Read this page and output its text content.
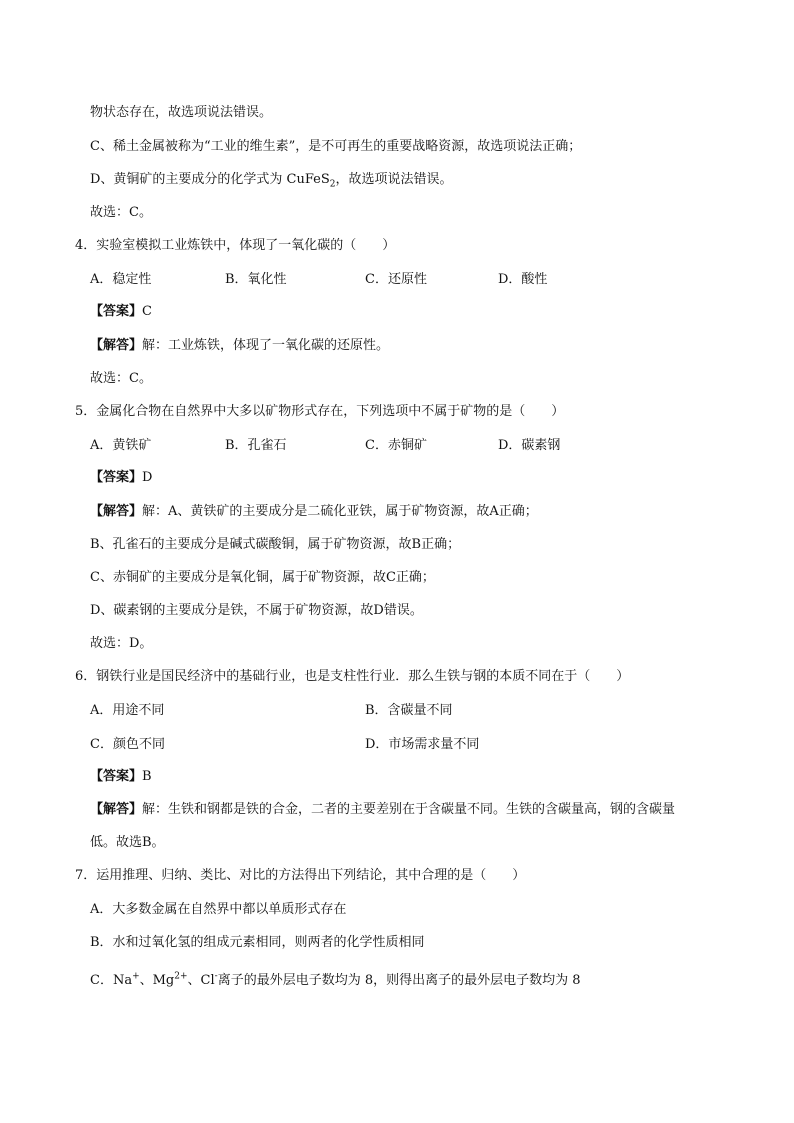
物状态存在，故选项说法错误。
C、稀土金属被称为“工业的维生素”，是不可再生的重要战略资源，故选项说法正确；
D、黄铜矿的主要成分的化学式为 CuFeS$_2$，故选项说法错误。
故选：C。
4．实验室模拟工业炼铁中，体现了一氧化碳的（　　）
A．稳定性	B．氧化性	C．还原性	D．酸性
【答案】C
【解答】解：工业炼铁，体现了一氧化碳的还原性。
故选：C。
5．金属化合物在自然界中大多以矿物形式存在，下列选项中不属于矿物的是（　　）
A．黄铁矿	B．孔雀石	C．赤铜矿	D．碳素钢
【答案】D
【解答】解：A、黄铁矿的主要成分是二硫化亚铁，属于矿物资源，故A正确；
B、孔雀石的主要成分是碱式碳酸铜，属于矿物资源，故B正确；
C、赤铜矿的主要成分是氧化铜，属于矿物资源，故C正确；
D、碳素钢的主要成分是铁，不属于矿物资源，故D错误。
故选：D。
6．钢铁行业是国民经济中的基础行业，也是支柱性行业．那么生铁与钢的本质不同在于（　　）
A．用途不同	B．含碳量不同
C．颜色不同	D．市场需求量不同
【答案】B
【解答】解：生铁和钢都是铁的合金，二者的主要差别在于含碳量不同。生铁的含碳量高，钢的含碳量
低。故选B。
7．运用推理、归纳、类比、对比的方法得出下列结论，其中合理的是（　　）
A．大多数金属在自然界中都以单质形式存在
B．水和过氧化氢的组成元素相同，则两者的化学性质相同
C．Na+、$Mg^{2+}$、Cl-离子的最外层电子数均为 8，则得出离子的最外层电子数均为 8
